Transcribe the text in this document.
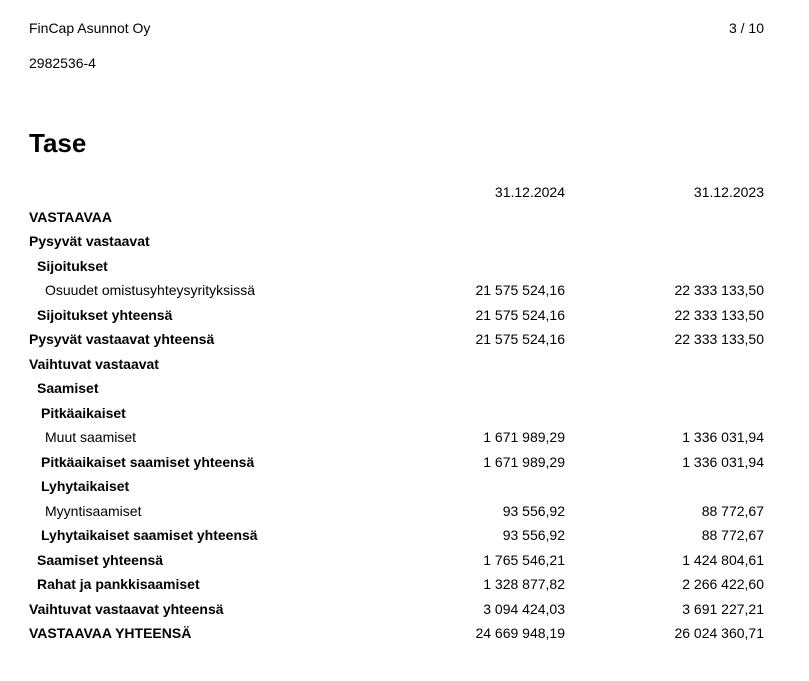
FinCap Asunnot Oy
2982536-4
3 / 10
Tase
31.12.2024	31.12.2023
VASTAAVAA
Pysyvät vastaavat
Sijoitukset
Osuudet omistusyhteysyrityksissä	21 575 524,16	22 333 133,50
Sijoitukset yhteensä	21 575 524,16	22 333 133,50
Pysyvät vastaavat yhteensä	21 575 524,16	22 333 133,50
Vaihtuvat vastaavat
Saamiset
Pitkäaikaiset
Muut saamiset	1 671 989,29	1 336 031,94
Pitkäaikaiset saamiset yhteensä	1 671 989,29	1 336 031,94
Lyhytaikaiset
Myyntisaamiset	93 556,92	88 772,67
Lyhytaikaiset saamiset yhteensä	93 556,92	88 772,67
Saamiset yhteensä	1 765 546,21	1 424 804,61
Rahat ja pankkisaamiset	1 328 877,82	2 266 422,60
Vaihtuvat vastaavat yhteensä	3 094 424,03	3 691 227,21
VASTAAVAA YHTEENSÄ	24 669 948,19	26 024 360,71
